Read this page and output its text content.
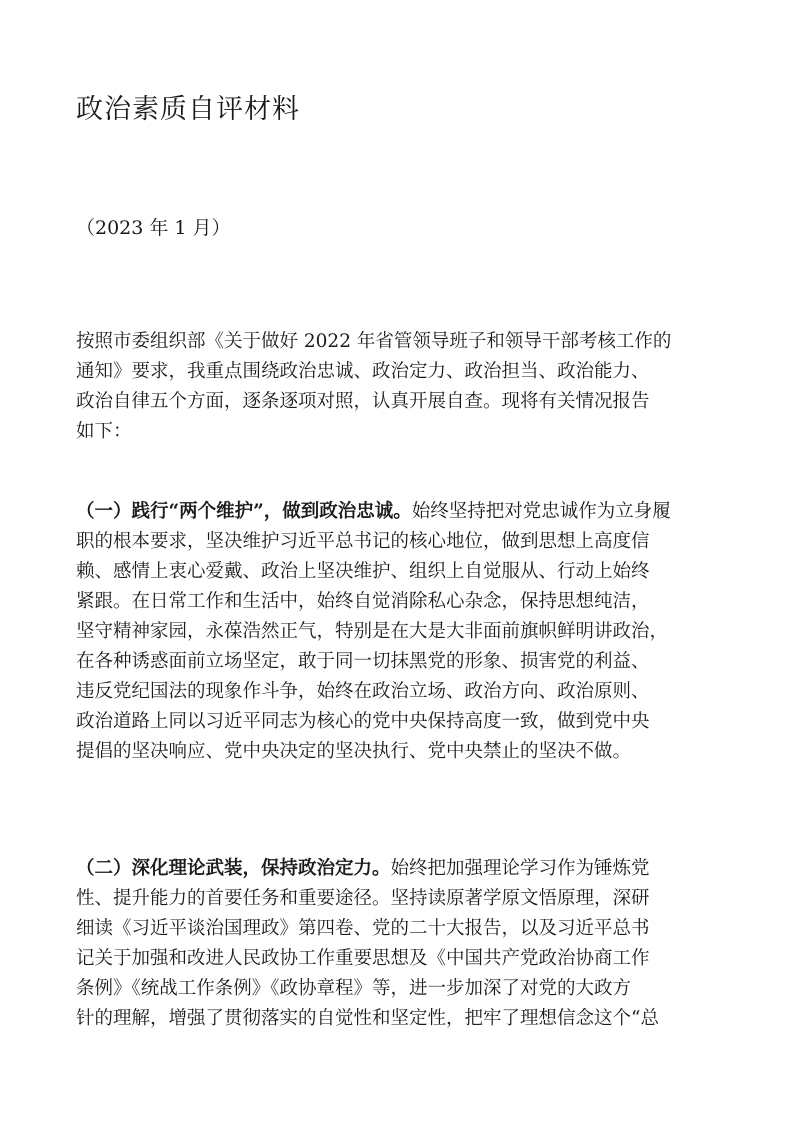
政治素质自评材料

（2023 年 1 月）

按照市委组织部《关于做好 2022 年省管领导班子和领导干部考核工作的
通知》要求，我重点围绕政治忠诚、政治定力、政治担当、政治能力、
政治自律五个方面，逐条逐项对照，认真开展自查。现将有关情况报告
如下：

（一）践行“两个维护”，做到政治忠诚。始终坚持把对党忠诚作为立身履
职的根本要求，坚决维护习近平总书记的核心地位，做到思想上高度信
赖、感情上衷心爱戴、政治上坚决维护、组织上自觉服从、行动上始终
紧跟。在日常工作和生活中，始终自觉消除私心杂念，保持思想纯洁，
坚守精神家园，永葆浩然正气，特别是在大是大非面前旗帜鲜明讲政治，
在各种诱惑面前立场坚定，敢于同一切抹黑党的形象、损害党的利益、
违反党纪国法的现象作斗争，始终在政治立场、政治方向、政治原则、
政治道路上同以习近平同志为核心的党中央保持高度一致，做到党中央
提倡的坚决响应、党中央决定的坚决执行、党中央禁止的坚决不做。

（二）深化理论武装，保持政治定力。始终把加强理论学习作为锤炼党
性、提升能力的首要任务和重要途径。坚持读原著学原文悟原理，深研
细读《习近平谈治国理政》第四卷、党的二十大报告，以及习近平总书
记关于加强和改进人民政协工作重要思想及《中国共产党政治协商工作
条例》《统战工作条例》《政协章程》等，进一步加深了对党的大政方
针的理解，增强了贯彻落实的自觉性和坚定性，把牢了理想信念这个“总
